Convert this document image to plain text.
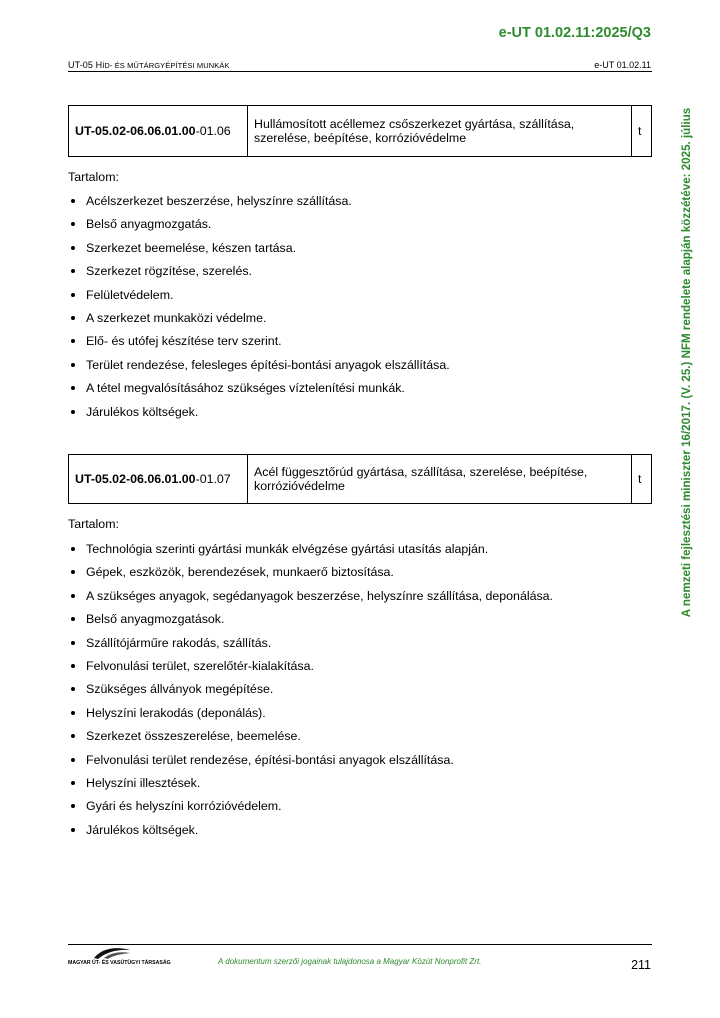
e-UT 01.02.11:2025/Q3
UT-05 HÍD- ÉS MŰTÁRGYÉPÍTÉSI MUNKÁK	e-UT 01.02.11
A nemzeti fejlesztési miniszter 16/2017. (V. 25.) NFM rendelete alapján közzétéve: 2025. július
UT-05.02-06.06.01.00-01.06	Hullámosított acéllemez csőszerkezet gyártása, szállítása, szerelése, beépítése, korrózióvédelme	t
Tartalom:
Acélszerkezet beszerzése, helyszínre szállítása.
Belső anyagmozgatás.
Szerkezet beemelése, készen tartása.
Szerkezet rögzítése, szerelés.
Felületvédelem.
A szerkezet munkaközi védelme.
Elő- és utófej készítése terv szerint.
Terület rendezése, felesleges építési-bontási anyagok elszállítása.
A tétel megvalósításához szükséges víztelenítési munkák.
Járulékos költségek.
UT-05.02-06.06.01.00-01.07	Acél függesztőrúd gyártása, szállítása, szerelése, beépítése, korrózióvédelme	t
Tartalom:
Technológia szerinti gyártási munkák elvégzése gyártási utasítás alapján.
Gépek, eszközök, berendezések, munkaerő biztosítása.
A szükséges anyagok, segédanyagok beszerzése, helyszínre szállítása, deponálása.
Belső anyagmozgatások.
Szállítójárműre rakodás, szállítás.
Felvonulási terület, szerelőtér-kialakítása.
Szükséges állványok megépítése.
Helyszíni lerakodás (deponálás).
Szerkezet összeszerelése, beemelése.
Felvonulási terület rendezése, építési-bontási anyagok elszállítása.
Helyszíni illesztések.
Gyári és helyszíni korrózióvédelem.
Járulékos költségek.
MAGYAR ÚT- ÉS VASÚTÜGYI TÁRSASÁG	A dokumentum szerzői jogainak tulajdonosa a Magyar Közút Nonprofit Zrt.	211
